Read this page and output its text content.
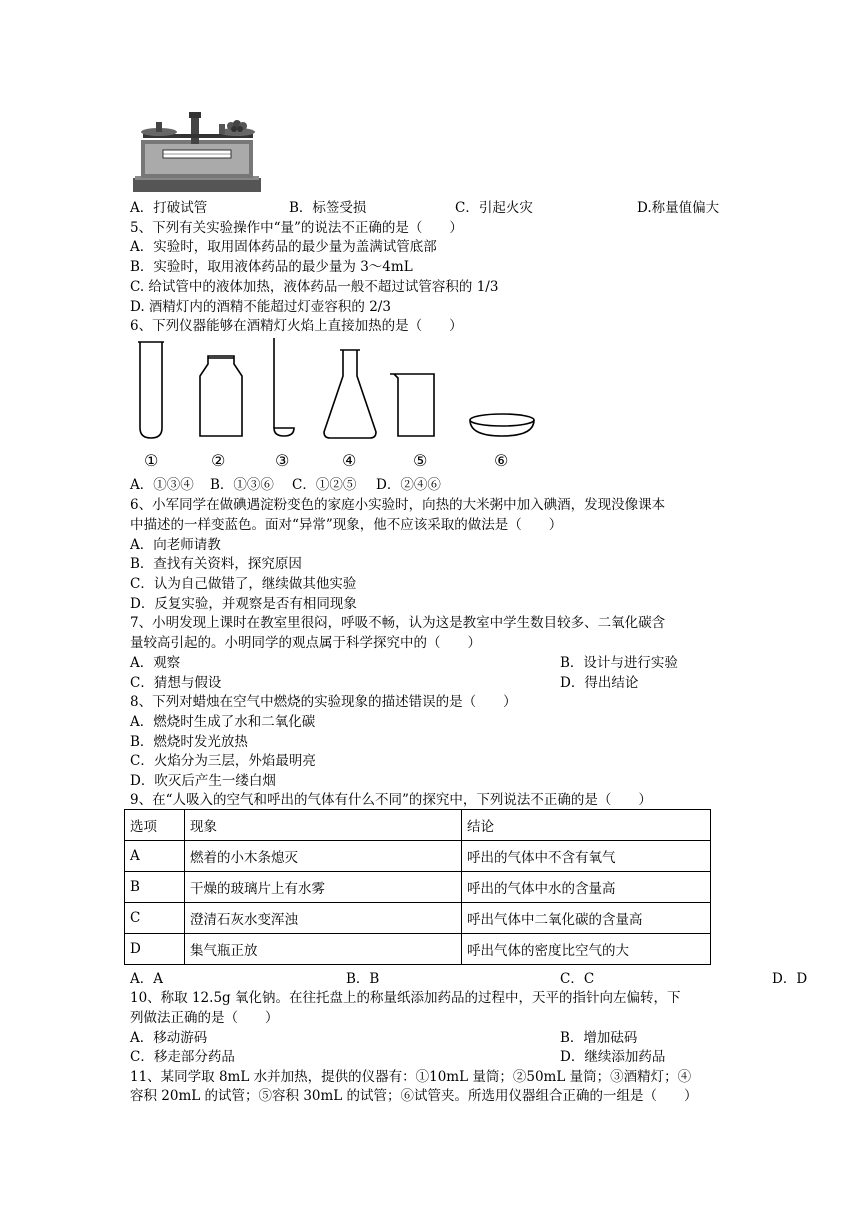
A．打破试管	B．标签受损	C．引起火灾	D.称量值偏大
5、下列有关实验操作中“量”的说法不正确的是（　　）
A．实验时，取用固体药品的最少量为盖满试管底部
B．实验时，取用液体药品的最少量为 3～4mL
C. 给试管中的液体加热，液体药品一般不超过试管容积的 1/3
D. 酒精灯内的酒精不能超过灯壶容积的 2/3
6、下列仪器能够在酒精灯火焰上直接加热的是（　　）
①	②	③	④	⑤	⑥
A．①③④ B．①③⑥ C．①②⑤ D．②④⑥
6、小军同学在做碘遇淀粉变色的家庭小实验时，向热的大米粥中加入碘酒，发现没像课本
中描述的一样变蓝色。面对“异常”现象，他不应该采取的做法是（　　）
A．向老师请教
B．查找有关资料，探究原因
C．认为自己做错了，继续做其他实验
D．反复实验，并观察是否有相同现象
7、小明发现上课时在教室里很闷，呼吸不畅，认为这是教室中学生数目较多、二氧化碳含
量较高引起的。小明同学的观点属于科学探究中的（　　）
A．观察	B．设计与进行实验
C．猜想与假设	D．得出结论
8、下列对蜡烛在空气中燃烧的实验现象的描述错误的是（　　）
A．燃烧时生成了水和二氧化碳
B．燃烧时发光放热
C．火焰分为三层，外焰最明亮
D．吹灭后产生一缕白烟
9、在“人吸入的空气和呼出的气体有什么不同”的探究中，下列说法不正确的是（　　）
选项	现象	结论
A	燃着的小木条熄灭	呼出的气体中不含有氧气
B	干燥的玻璃片上有水雾	呼出的气体中水的含量高
C	澄清石灰水变浑浊	呼出气体中二氧化碳的含量高
D	集气瓶正放	呼出气体的密度比空气的大
A．A	B．B	C．C	D．D
10、称取 12.5g 氧化钠。在往托盘上的称量纸添加药品的过程中，天平的指针向左偏转，下
列做法正确的是（　　）
A．移动游码	B．增加砝码
C．移走部分药品	D．继续添加药品
11、某同学取 8mL 水并加热，提供的仪器有：①10mL 量筒；②50mL 量筒；③酒精灯；④
容积 20mL 的试管；⑤容积 30mL 的试管；⑥试管夹。所选用仪器组合正确的一组是（　　）
